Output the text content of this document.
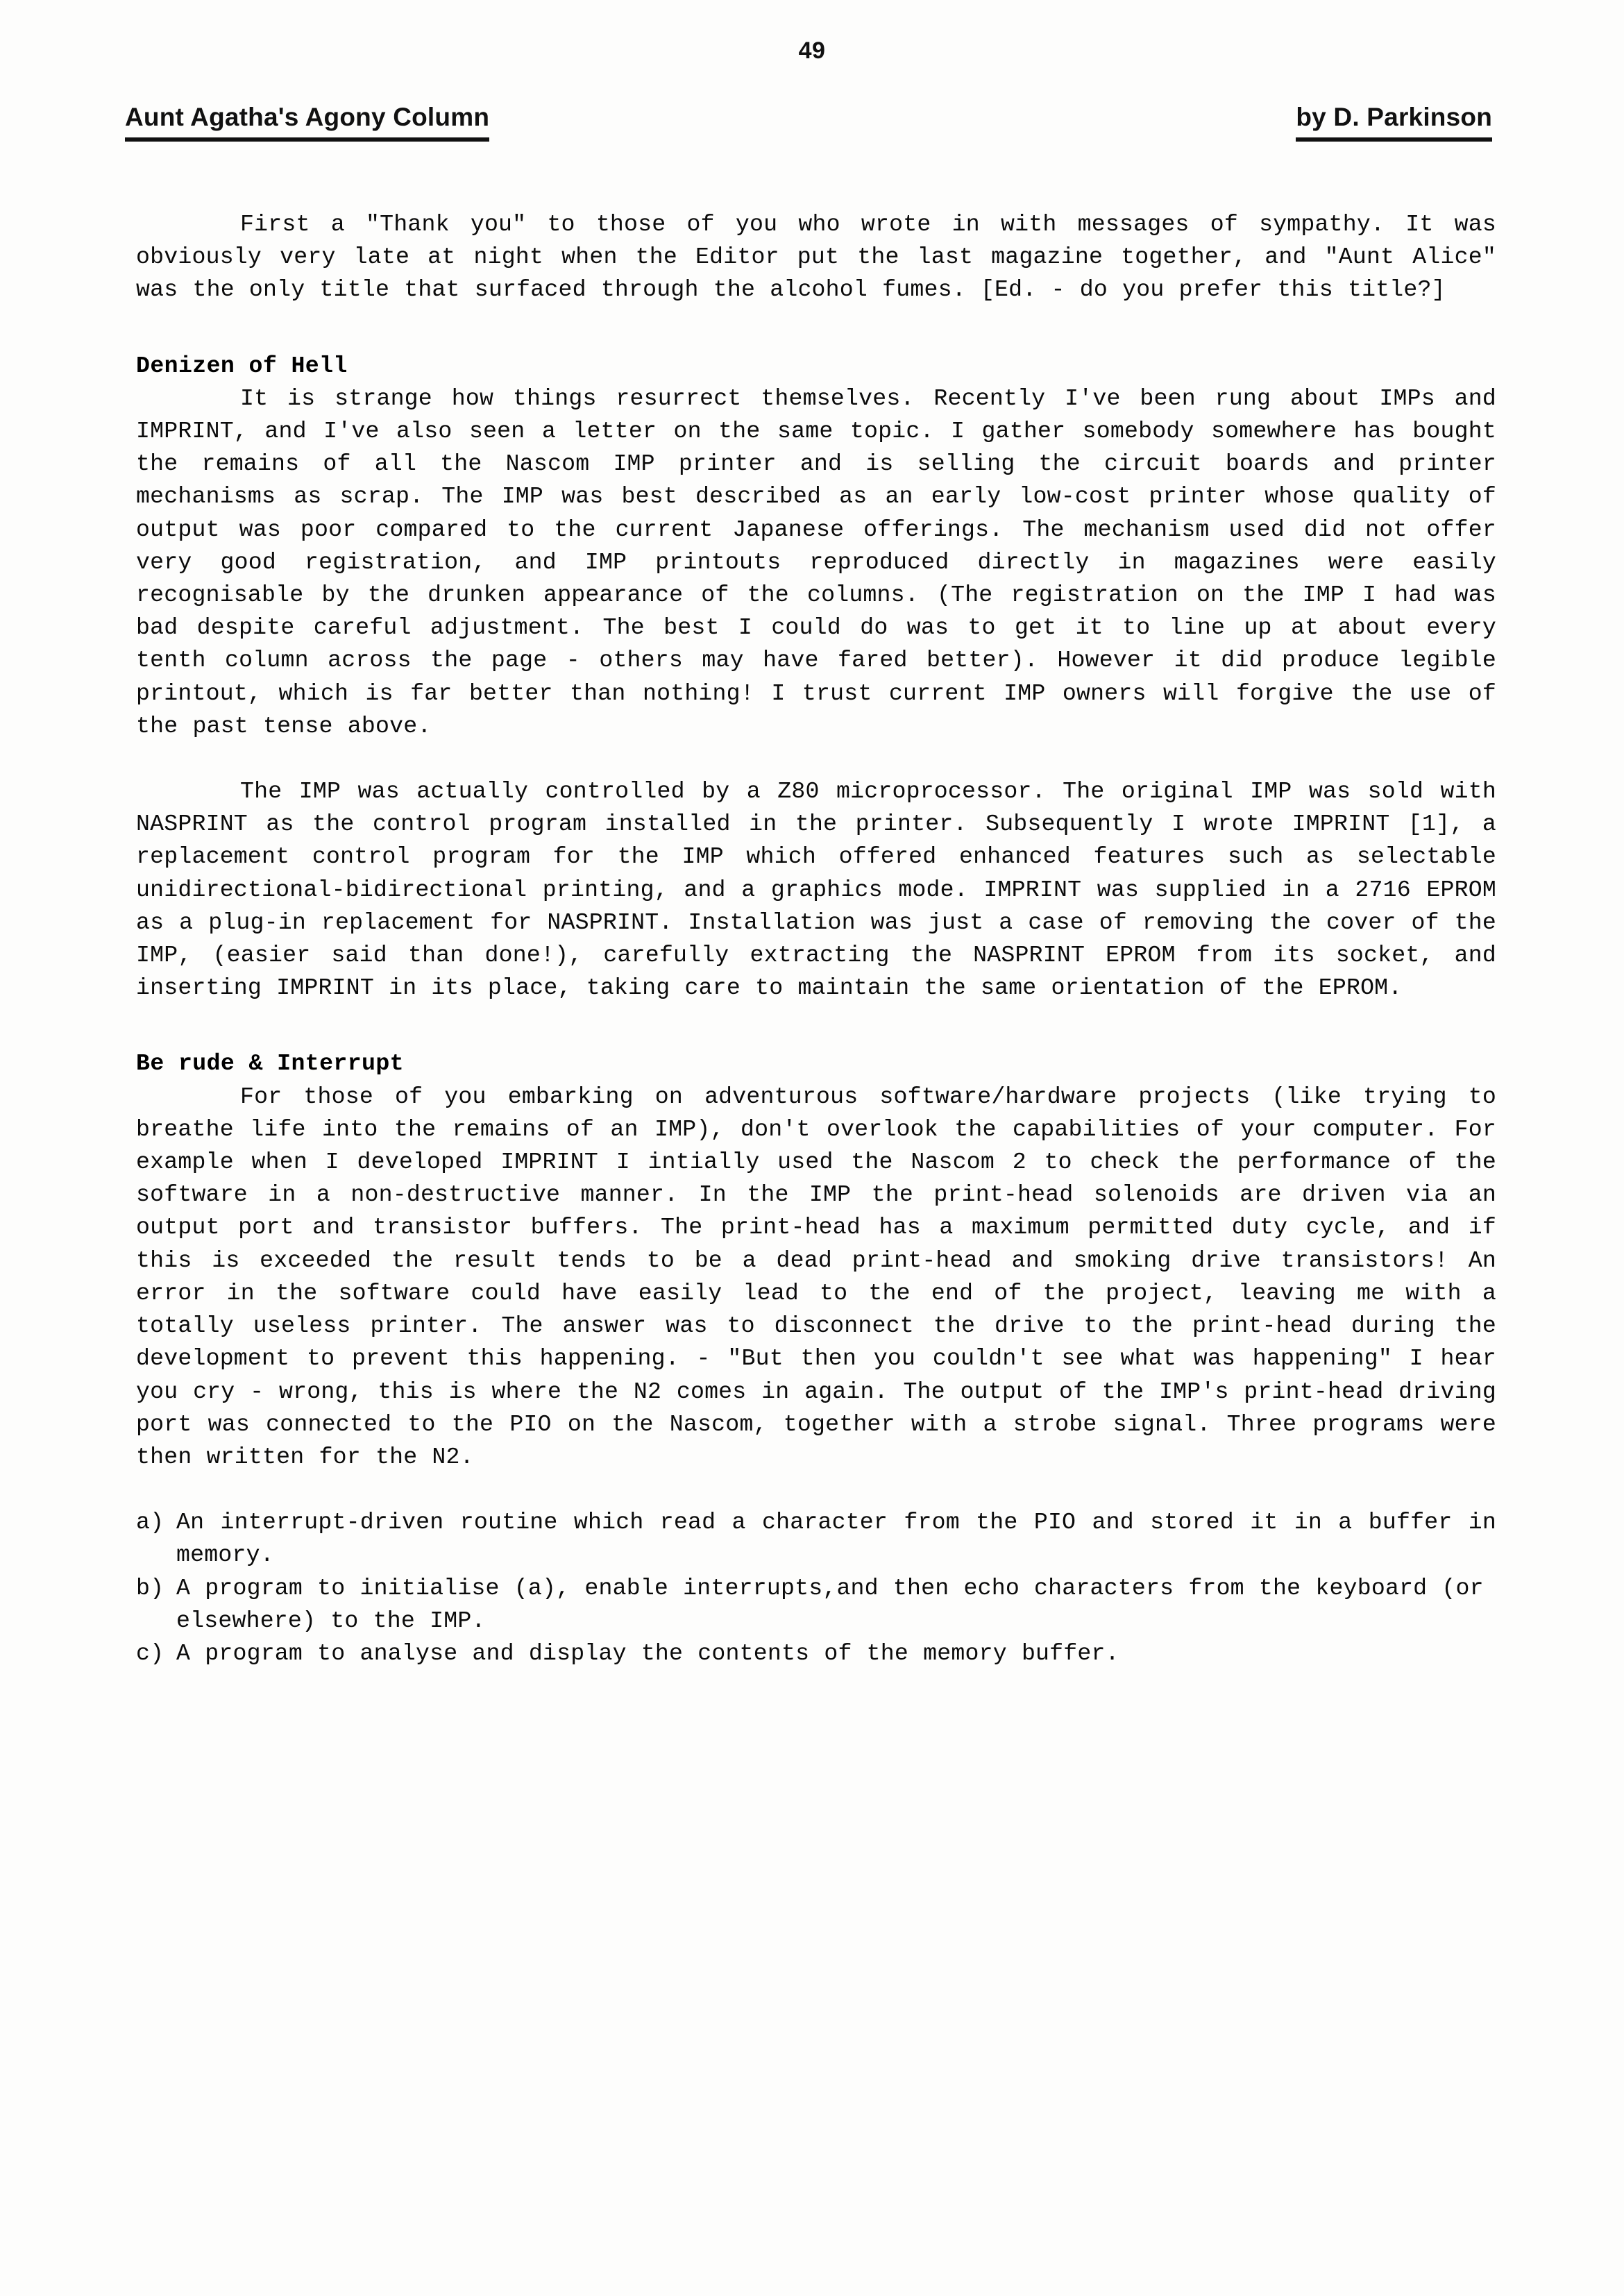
49
Aunt Agatha's Agony Column	by D. Parkinson

First a "Thank you" to those of you who wrote in with messages of sympathy. It was obviously very late at night when the Editor put the last magazine together, and "Aunt Alice" was the only title that surfaced through the alcohol fumes. [Ed. - do you prefer this title?]

Denizen of Hell

It is strange how things resurrect themselves. Recently I've been rung about IMPs and IMPRINT, and I've also seen a letter on the same topic. I gather somebody somewhere has bought the remains of all the Nascom IMP printer and is selling the circuit boards and printer mechanisms as scrap. The IMP was best described as an early low-cost printer whose quality of output was poor compared to the current Japanese offerings. The mechanism used did not offer very good registration, and IMP printouts reproduced directly in magazines were easily recognisable by the drunken appearance of the columns. (The registration on the IMP I had was bad despite careful adjustment. The best I could do was to get it to line up at about every tenth column across the page - others may have fared better). However it did produce legible printout, which is far better than nothing! I trust current IMP owners will forgive the use of the past tense above.

The IMP was actually controlled by a Z80 microprocessor. The original IMP was sold with NASPRINT as the control program installed in the printer. Subsequently I wrote IMPRINT [1], a replacement control program for the IMP which offered enhanced features such as selectable unidirectional-bidirectional printing, and a graphics mode. IMPRINT was supplied in a 2716 EPROM as a plug-in replacement for NASPRINT. Installation was just a case of removing the cover of the IMP, (easier said than done!), carefully extracting the NASPRINT EPROM from its socket, and inserting IMPRINT in its place, taking care to maintain the same orientation of the EPROM.

Be rude & Interrupt

For those of you embarking on adventurous software/hardware projects (like trying to breathe life into the remains of an IMP), don't overlook the capabilities of your computer. For example when I developed IMPRINT I intially used the Nascom 2 to check the performance of the software in a non-destructive manner. In the IMP the print-head solenoids are driven via an output port and transistor buffers. The print-head has a maximum permitted duty cycle, and if this is exceeded the result tends to be a dead print-head and smoking drive transistors! An error in the software could have easily lead to the end of the project, leaving me with a totally useless printer. The answer was to disconnect the drive to the print-head during the development to prevent this happening. - "But then you couldn't see what was happening" I hear you cry - wrong, this is where the N2 comes in again. The output of the IMP's print-head driving port was connected to the PIO on the Nascom, together with a strobe signal. Three programs were then written for the N2.

a) An interrupt-driven routine which read a character from the PIO and stored it in a buffer in memory.
b) A program to initialise (a), enable interrupts,and then echo characters from the keyboard (or elsewhere) to the IMP.
c) A program to analyse and display the contents of the memory buffer.
